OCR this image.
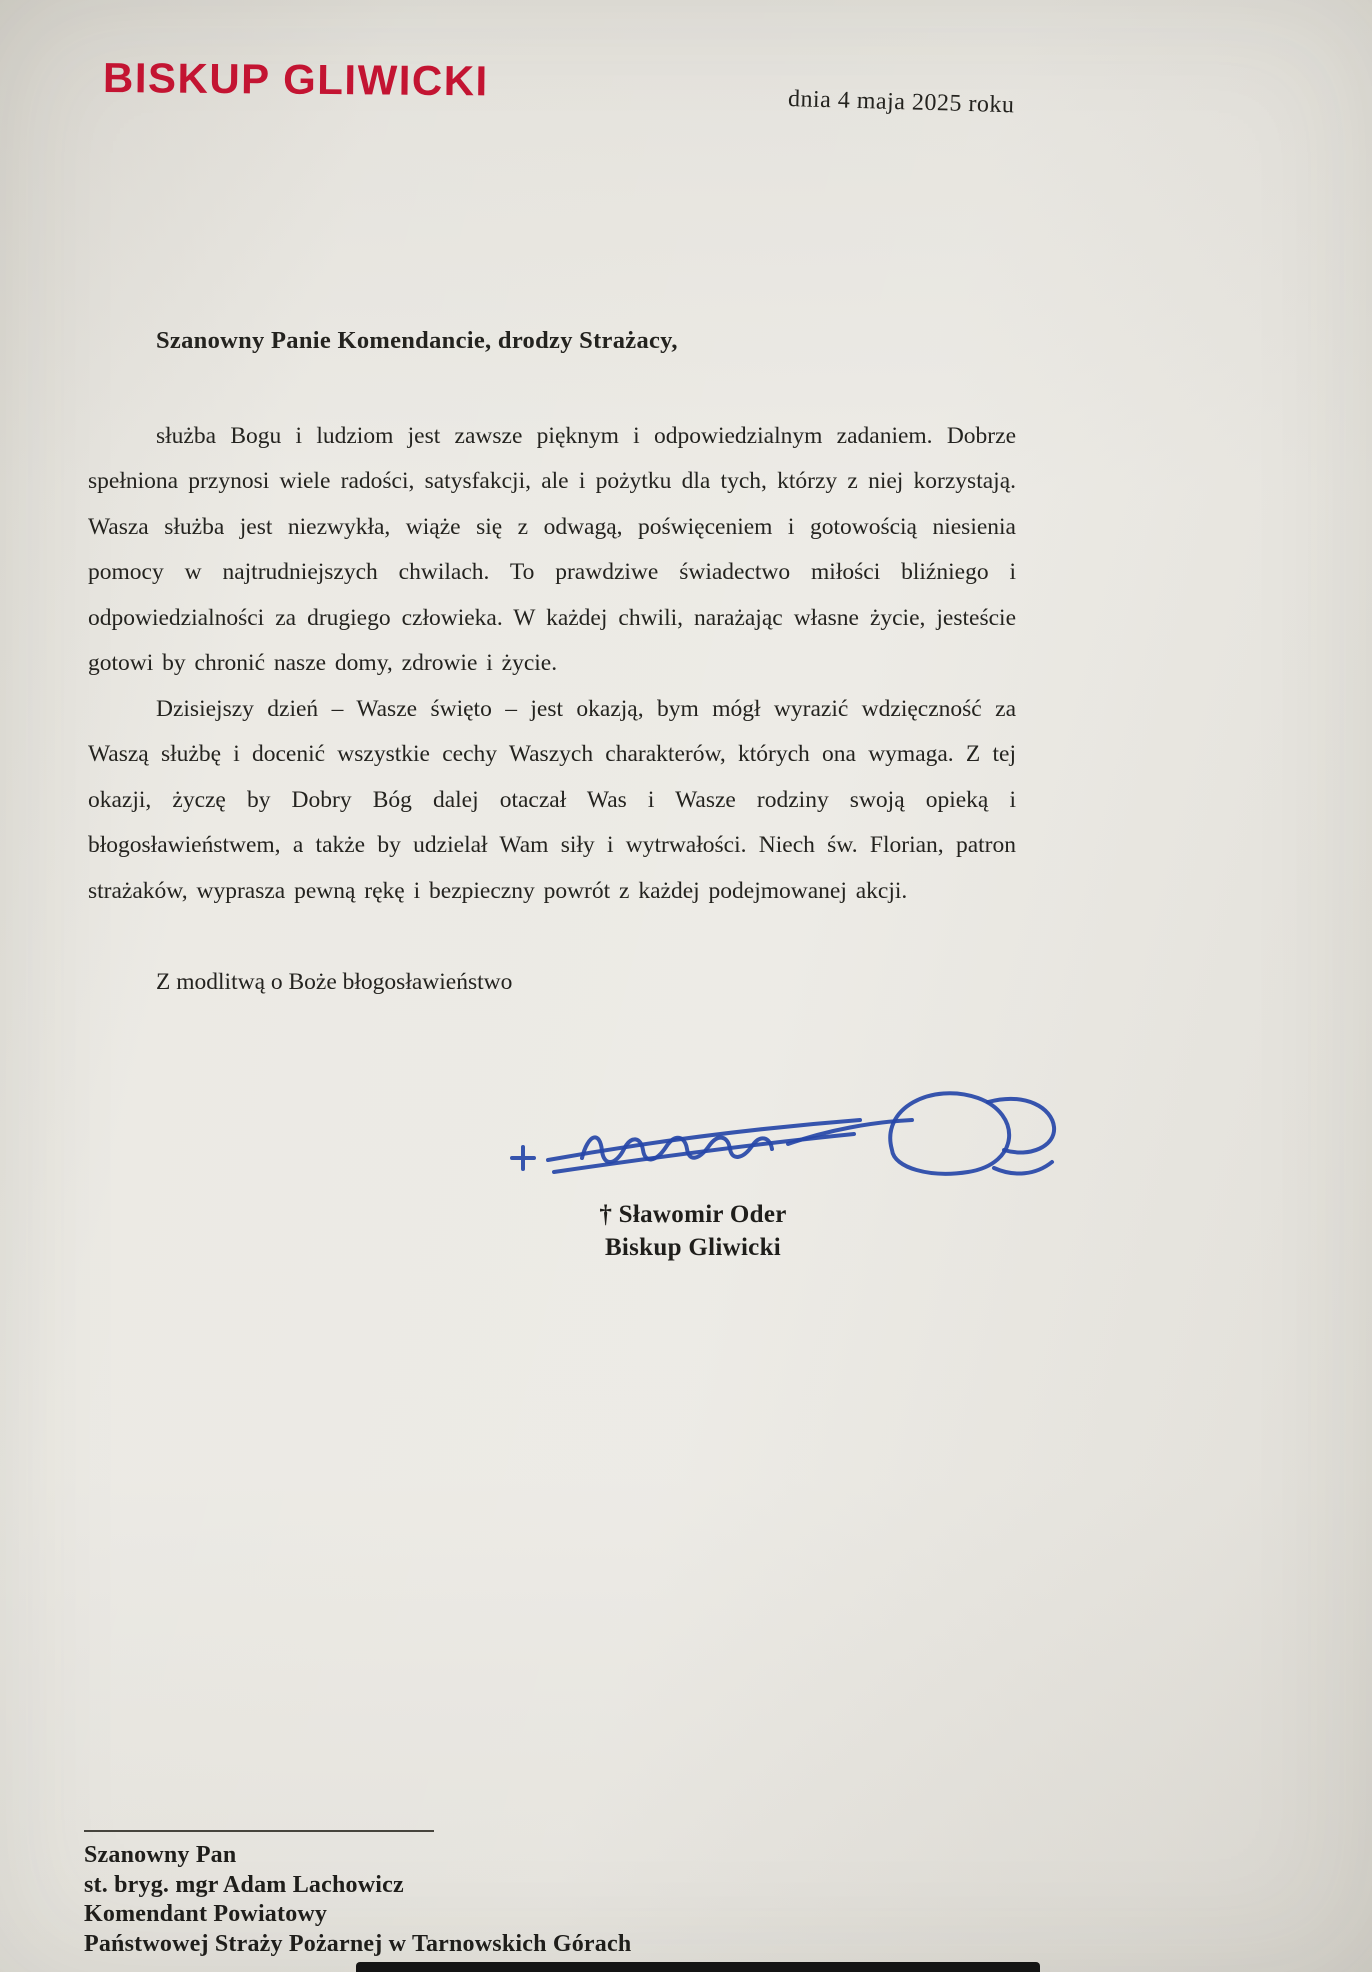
BISKUP GLIWICKI	dnia 4 maja 2025 roku

Szanowny Panie Komendancie, drodzy Strażacy,

służba Bogu i ludziom jest zawsze pięknym i odpowiedzialnym zadaniem. Dobrze spełniona przynosi wiele radości, satysfakcji, ale i pożytku dla tych, którzy z niej korzystają. Wasza służba jest niezwykła, wiąże się z odwagą, poświęceniem i gotowością niesienia pomocy w najtrudniejszych chwilach. To prawdziwe świadectwo miłości bliźniego i odpowiedzialności za drugiego człowieka. W każdej chwili, narażając własne życie, jesteście gotowi by chronić nasze domy, zdrowie i życie.

Dzisiejszy dzień – Wasze święto – jest okazją, bym mógł wyrazić wdzięczność za Waszą służbę i docenić wszystkie cechy Waszych charakterów, których ona wymaga. Z tej okazji, życzę by Dobry Bóg dalej otaczał Was i Wasze rodziny swoją opieką i błogosławieństwem, a także by udzielał Wam siły i wytrwałości. Niech św. Florian, patron strażaków, wyprasza pewną rękę i bezpieczny powrót z każdej podejmowanej akcji.

Z modlitwą o Boże błogosławieństwo

† Sławomir Oder
Biskup Gliwicki
Szanowny Pan
st. bryg. mgr Adam Lachowicz
Komendant Powiatowy
Państwowej Straży Pożarnej w Tarnowskich Górach
